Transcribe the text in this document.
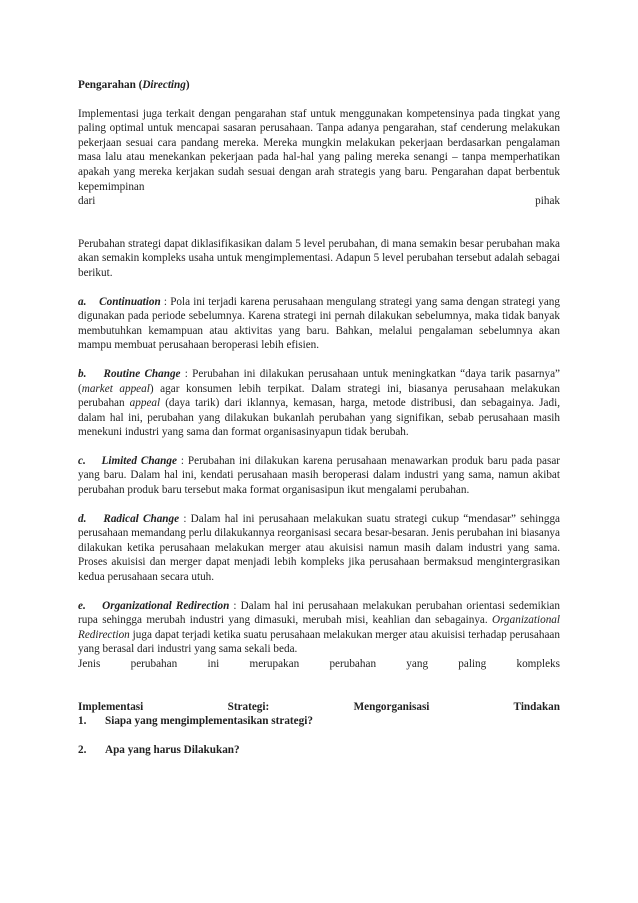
Pengarahan (Directing)

Implementasi juga terkait dengan pengarahan staf untuk menggunakan kompetensinya pada tingkat yang paling optimal untuk mencapai sasaran perusahaan. Tanpa adanya pengarahan, staf cenderung melakukan pekerjaan sesuai cara pandang mereka. Mereka mungkin melakukan pekerjaan berdasarkan pengalaman masa lalu atau menekankan pekerjaan pada hal-hal yang paling mereka senangi – tanpa memperhatikan apakah yang mereka kerjakan sudah sesuai dengan arah strategis yang baru. Pengarahan dapat berbentuk kepemimpinan

dari pihak

Perubahan strategi dapat diklasifikasikan dalam 5 level perubahan, di mana semakin besar perubahan maka akan semakin kompleks usaha untuk mengimplementasi. Adapun 5 level perubahan tersebut adalah sebagai berikut.

a. Continuation : Pola ini terjadi karena perusahaan mengulang strategi yang sama dengan strategi yang digunakan pada periode sebelumnya. Karena strategi ini pernah dilakukan sebelumnya, maka tidak banyak membutuhkan kemampuan atau aktivitas yang baru. Bahkan, melalui pengalaman sebelumnya akan mampu membuat perusahaan beroperasi lebih efisien.

b. Routine Change : Perubahan ini dilakukan perusahaan untuk meningkatkan “daya tarik pasarnya” (market appeal) agar konsumen lebih terpikat. Dalam strategi ini, biasanya perusahaan melakukan perubahan appeal (daya tarik) dari iklannya, kemasan, harga, metode distribusi, dan sebagainya. Jadi, dalam hal ini, perubahan yang dilakukan bukanlah perubahan yang signifikan, sebab perusahaan masih menekuni industri yang sama dan format organisasinyapun tidak berubah.

c. Limited Change : Perubahan ini dilakukan karena perusahaan menawarkan produk baru pada pasar yang baru. Dalam hal ini, kendati perusahaan masih beroperasi dalam industri yang sama, namun akibat perubahan produk baru tersebut maka format organisasipun ikut mengalami perubahan.

d. Radical Change : Dalam hal ini perusahaan melakukan suatu strategi cukup “mendasar” sehingga perusahaan memandang perlu dilakukannya reorganisasi secara besar-besaran. Jenis perubahan ini biasanya dilakukan ketika perusahaan melakukan merger atau akuisisi namun masih dalam industri yang sama. Proses akuisisi dan merger dapat menjadi lebih kompleks jika perusahaan bermaksud mengintergrasikan kedua perusahaan secara utuh.

e. Organizational Redirection : Dalam hal ini perusahaan melakukan perubahan orientasi sedemikian rupa sehingga merubah industri yang dimasuki, merubah misi, keahlian dan sebagainya. Organizational Redirection juga dapat terjadi ketika suatu perusahaan melakukan merger atau akuisisi terhadap perusahaan yang berasal dari industri yang sama sekali beda.

Jenis perubahan ini merupakan perubahan yang paling kompleks

Implementasi Strategi: Mengorganisasi Tindakan

1.	Siapa yang mengimplementasikan strategi?
2.	Apa yang harus Dilakukan?
